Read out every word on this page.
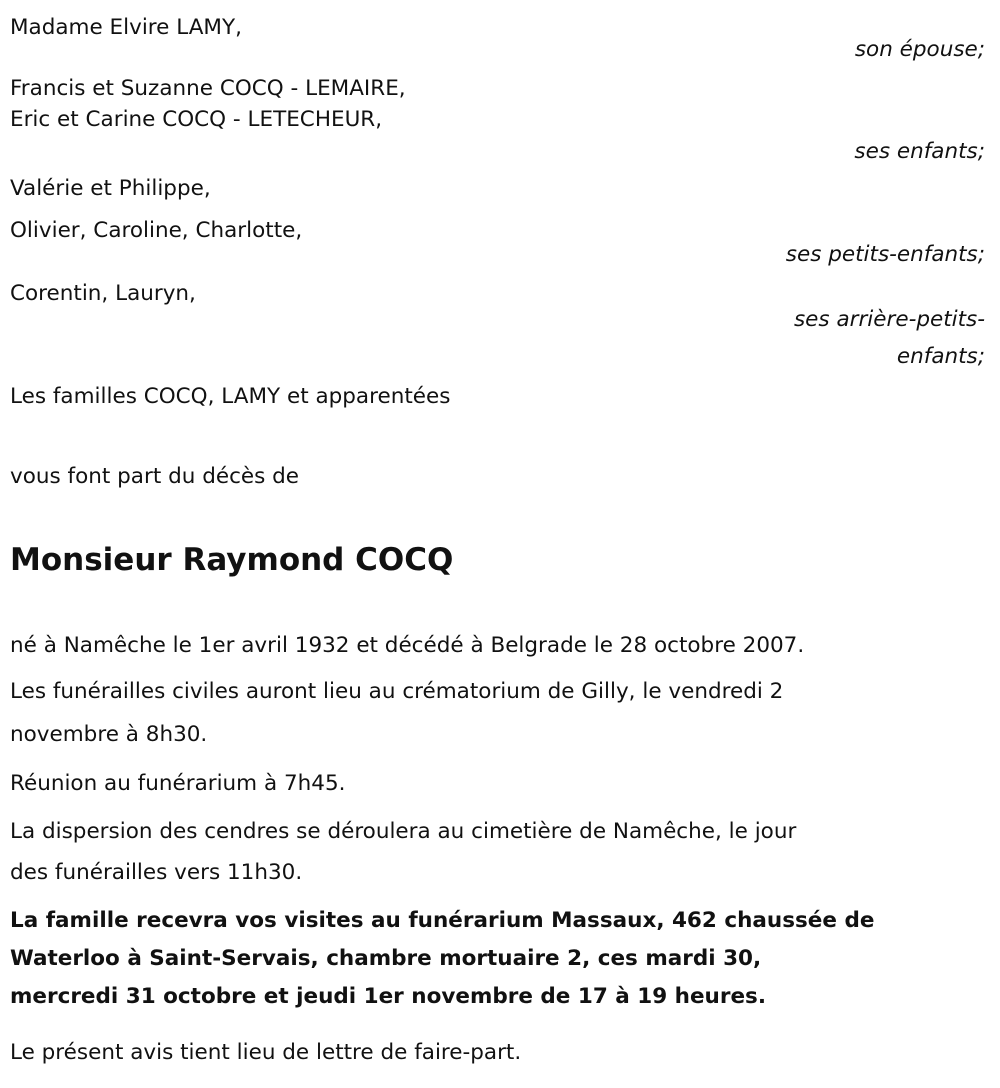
Madame Elvire LAMY,
son épouse;
Francis et Suzanne COCQ - LEMAIRE,
Eric et Carine COCQ - LETECHEUR,
ses enfants;
Valérie et Philippe,
Olivier, Caroline, Charlotte,
ses petits-enfants;
Corentin, Lauryn,
ses arrière-petits-
enfants;
Les familles COCQ, LAMY et apparentées
vous font part du décès de
Monsieur Raymond COCQ
né à Namêche le 1er avril 1932 et décédé à Belgrade le 28 octobre 2007.
Les funérailles civiles auront lieu au crématorium de Gilly, le vendredi 2
novembre à 8h30.
Réunion au funérarium à 7h45.
La dispersion des cendres se déroulera au cimetière de Namêche, le jour
des funérailles vers 11h30.
La famille recevra vos visites au funérarium Massaux, 462 chaussée de
Waterloo à Saint-Servais, chambre mortuaire 2, ces mardi 30,
mercredi 31 octobre et jeudi 1er novembre de 17 à 19 heures.
Le présent avis tient lieu de lettre de faire-part.
